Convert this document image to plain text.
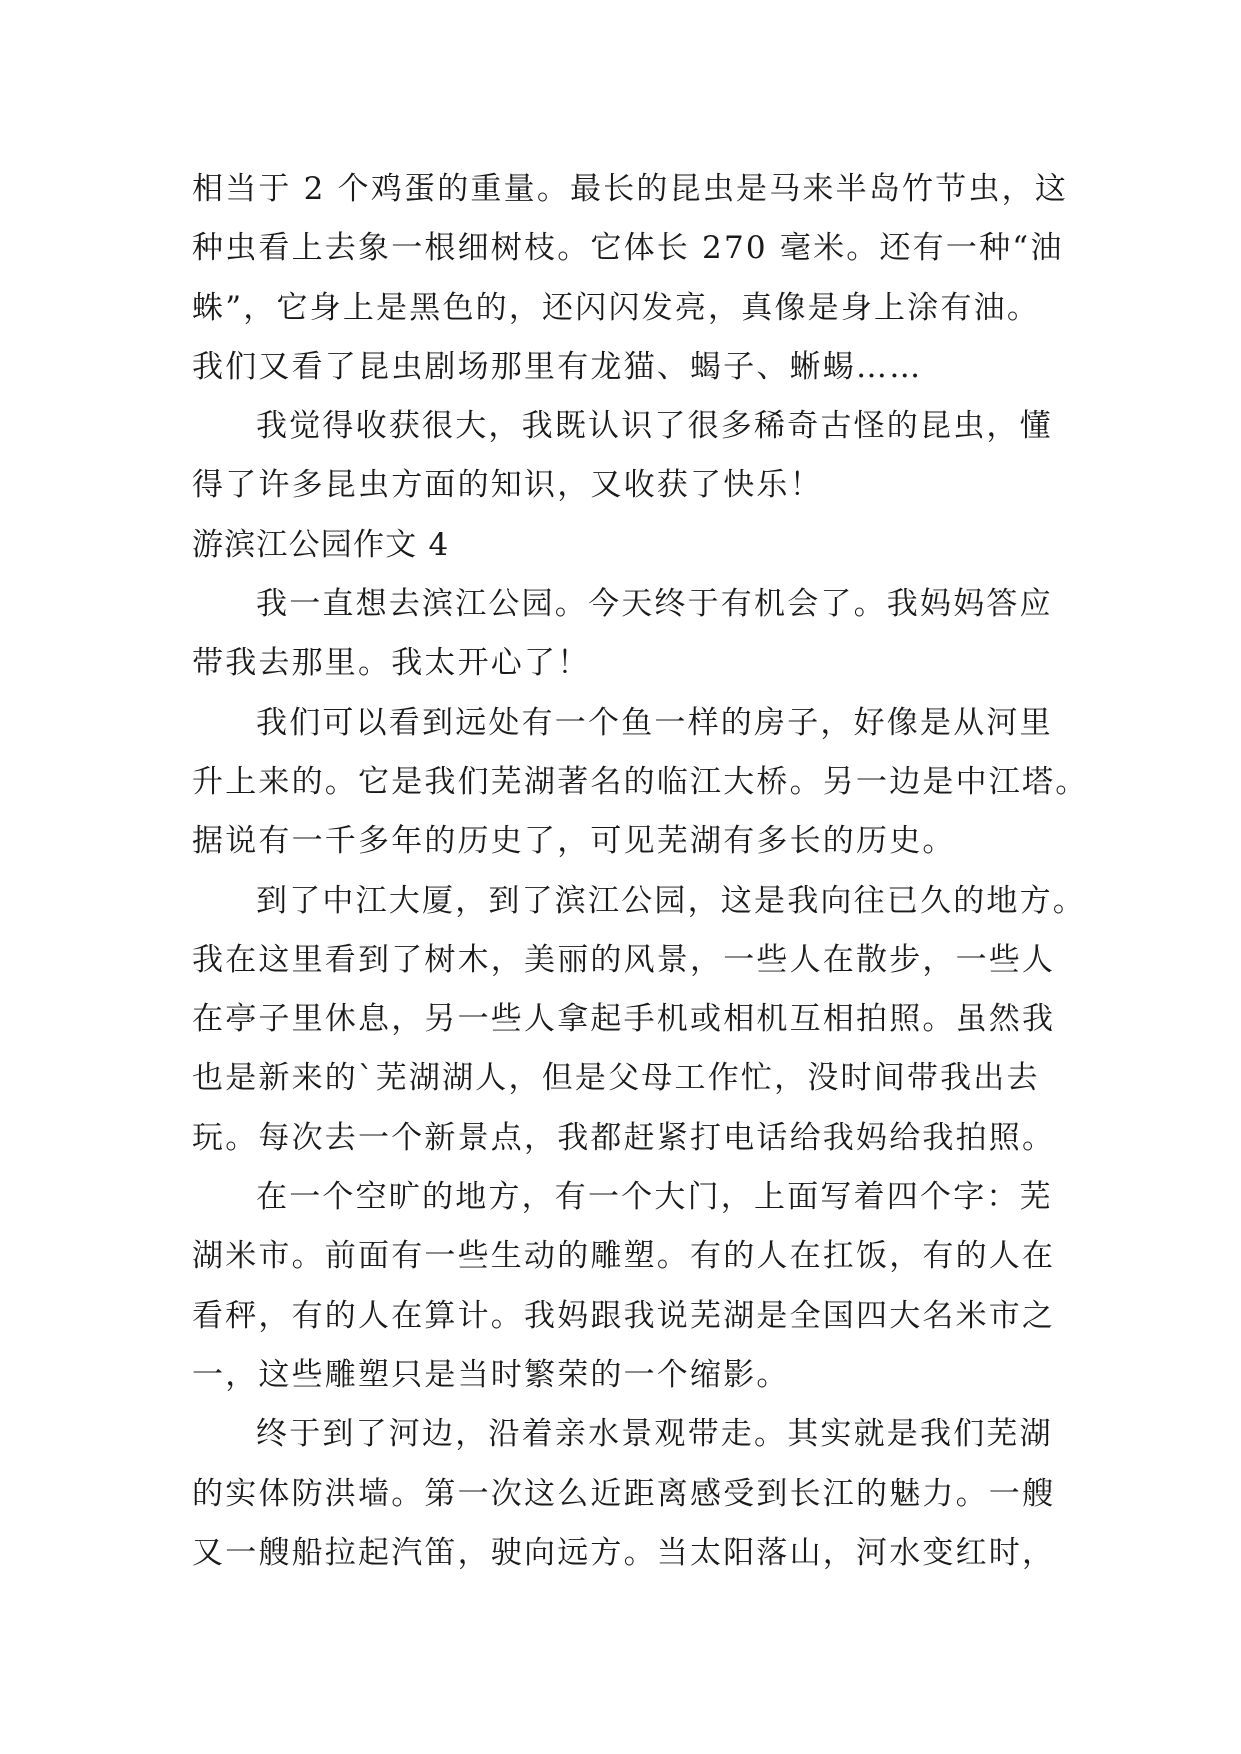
相当于 2 个鸡蛋的重量。最长的昆虫是马来半岛竹节虫，这
种虫看上去象一根细树枝。它体长 270 毫米。还有一种“油
蛛”，它身上是黑色的，还闪闪发亮，真像是身上涂有油。
我们又看了昆虫剧场那里有龙猫、蝎子、蜥蜴……
我觉得收获很大，我既认识了很多稀奇古怪的昆虫，懂
得了许多昆虫方面的知识，又收获了快乐！
游滨江公园作文 4
我一直想去滨江公园。今天终于有机会了。我妈妈答应
带我去那里。我太开心了！
我们可以看到远处有一个鱼一样的房子，好像是从河里
升上来的。它是我们芜湖著名的临江大桥。另一边是中江塔。
据说有一千多年的历史了，可见芜湖有多长的历史。
到了中江大厦，到了滨江公园，这是我向往已久的地方。
我在这里看到了树木，美丽的风景，一些人在散步，一些人
在亭子里休息，另一些人拿起手机或相机互相拍照。虽然我
也是新来的`芜湖湖人，但是父母工作忙，没时间带我出去
玩。每次去一个新景点，我都赶紧打电话给我妈给我拍照。
在一个空旷的地方，有一个大门，上面写着四个字：芜
湖米市。前面有一些生动的雕塑。有的人在扛饭，有的人在
看秤，有的人在算计。我妈跟我说芜湖是全国四大名米市之
一，这些雕塑只是当时繁荣的一个缩影。
终于到了河边，沿着亲水景观带走。其实就是我们芜湖
的实体防洪墙。第一次这么近距离感受到长江的魅力。一艘
又一艘船拉起汽笛，驶向远方。当太阳落山，河水变红时，
